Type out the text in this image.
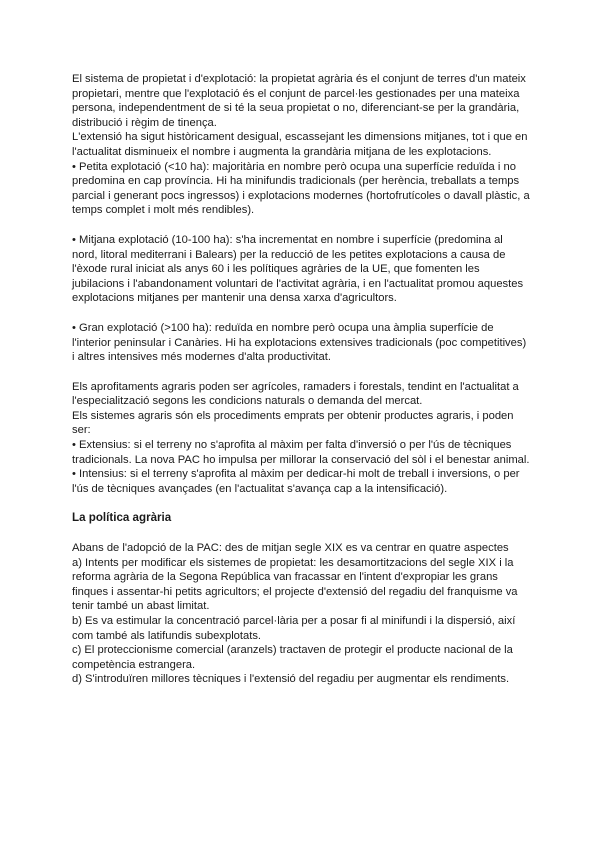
El sistema de propietat i d'explotació: la propietat agrària és el conjunt de terres d'un mateix propietari, mentre que l'explotació és el conjunt de parcel·les gestionades per una mateixa persona, independentment de si té la seua propietat o no, diferenciant-se per la grandària, distribució i règim de tinença.

L'extensió ha sigut històricament desigual, escassejant les dimensions mitjanes, tot i que en l'actualitat disminueix el nombre i augmenta la grandària mitjana de les explotacions.

• Petita explotació (<10 ha): majoritària en nombre però ocupa una superfície reduïda i no predomina en cap província. Hi ha minifundis tradicionals (per herència, treballats a temps parcial i generant pocs ingressos) i explotacions modernes (hortofrutícoles o davall plàstic, a temps complet i molt més rendibles).

• Mitjana explotació (10-100 ha): s'ha incrementat en nombre i superfície (predomina al nord, litoral mediterrani i Balears) per la reducció de les petites explotacions a causa de l'èxode rural iniciat als anys 60 i les polítiques agràries de la UE, que fomenten les jubilacions i l'abandonament voluntari de l'activitat agrària, i en l'actualitat promou aquestes explotacions mitjanes per mantenir una densa xarxa d'agricultors.

• Gran explotació (>100 ha): reduïda en nombre però ocupa una àmplia superfície de l'interior peninsular i Canàries. Hi ha explotacions extensives tradicionals (poc competitives) i altres intensives més modernes d'alta productivitat.

Els aprofitaments agraris poden ser agrícoles, ramaders i forestals, tendint en l'actualitat a l'especialització segons les condicions naturals o demanda del mercat.

Els sistemes agraris són els procediments emprats per obtenir productes agraris, i poden ser:

• Extensius: si el terreny no s'aprofita al màxim per falta d'inversió o per l'ús de tècniques tradicionals. La nova PAC ho impulsa per millorar la conservació del sòl i el benestar animal.

• Intensius: si el terreny s'aprofita al màxim per dedicar-hi molt de treball i inversions, o per l'ús de tècniques avançades (en l'actualitat s'avança cap a la intensificació).

La política agrària

Abans de l'adopció de la PAC: des de mitjan segle XIX es va centrar en quatre aspectes

a) Intents per modificar els sistemes de propietat: les desamortitzacions del segle XIX i la reforma agrària de la Segona República van fracassar en l'intent d'expropiar les grans finques i assentar-hi petits agricultors; el projecte d'extensió del regadiu del franquisme va tenir també un abast limitat.

b) Es va estimular la concentració parcel·lària per a posar fi al minifundi i la dispersió, així com també als latifundis subexplotats.

c) El proteccionisme comercial (aranzels) tractaven de protegir el producte nacional de la competència estrangera.

d) S'introduïren millores tècniques i l'extensió del regadiu per augmentar els rendiments.
